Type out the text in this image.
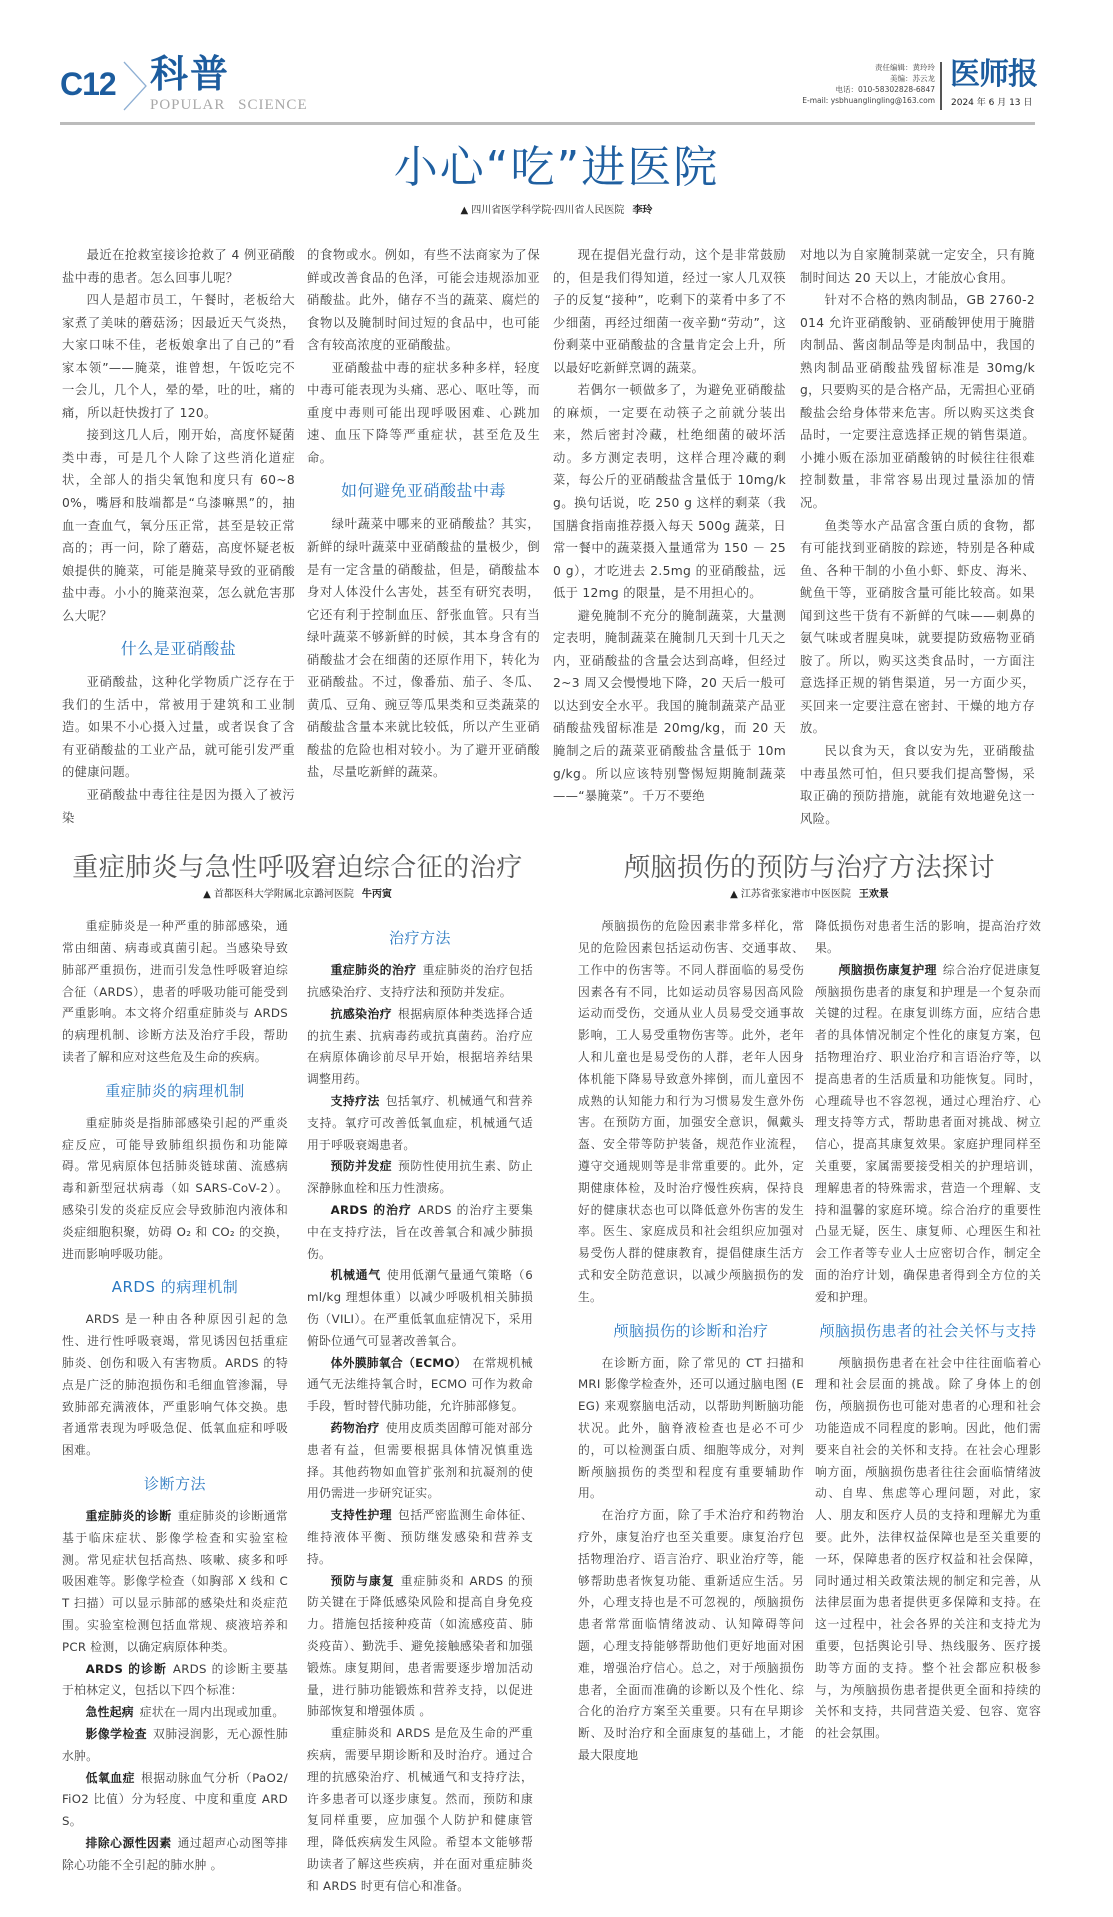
C12 科普
POPULAR SCIENCE
责任编辑：黄玲玲
美编：苏云龙
电话：010-58302828-6847
E-mail: ysbhuanglingling@163.com
医师报
2024 年 6 月 13 日
小心“吃”进医院
▲ 四川省医学科学院·四川省人民医院 李玲

最近在抢救室接诊抢救了 4 例亚硝酸盐中毒的患者。怎么回事儿呢？

四人是超市员工，午餐时，老板给大家煮了美味的蘑菇汤；因最近天气炎热，大家口味不佳，老板娘拿出了自己的”看家本领”——腌菜，谁曾想，午饭吃完不一会儿，几个人，晕的晕，吐的吐，痛的痛，所以赶快拨打了 120。

接到这几人后，刚开始，高度怀疑菌类中毒，可是几个人除了这些消化道症状，全部人的指尖氧饱和度只有 60~80%，嘴唇和肢端都是“乌漆嘛黑”的，抽血一查血气，氧分压正常，甚至是较正常高的；再一问，除了蘑菇，高度怀疑老板娘提供的腌菜，可能是腌菜导致的亚硝酸盐中毒。小小的腌菜泡菜，怎么就危害那么大呢？

什么是亚硝酸盐

亚硝酸盐，这种化学物质广泛存在于我们的生活中，常被用于建筑和工业制造。如果不小心摄入过量，或者误食了含有亚硝酸盐的工业产品，就可能引发严重的健康问题。

亚硝酸盐中毒往往是因为摄入了被污染

的食物或水。例如，有些不法商家为了保鲜或改善食品的色泽，可能会违规添加亚硝酸盐。此外，储存不当的蔬菜、腐烂的食物以及腌制时间过短的食品中，也可能含有较高浓度的亚硝酸盐。

亚硝酸盐中毒的症状多种多样，轻度中毒可能表现为头痛、恶心、呕吐等，而重度中毒则可能出现呼吸困难、心跳加速、血压下降等严重症状，甚至危及生命。

如何避免亚硝酸盐中毒

绿叶蔬菜中哪来的亚硝酸盐？其实，新鲜的绿叶蔬菜中亚硝酸盐的量极少，倒是有一定含量的硝酸盐，但是，硝酸盐本身对人体没什么害处，甚至有研究表明，它还有利于控制血压、舒张血管。只有当绿叶蔬菜不够新鲜的时候，其本身含有的硝酸盐才会在细菌的还原作用下，转化为亚硝酸盐。不过，像番茄、茄子、冬瓜、黄瓜、豆角、豌豆等瓜果类和豆类蔬菜的硝酸盐含量本来就比较低，所以产生亚硝酸盐的危险也相对较小。为了避开亚硝酸盐，尽量吃新鲜的蔬菜。

现在提倡光盘行动，这个是非常鼓励的，但是我们得知道，经过一家人几双筷子的反复“接种”，吃剩下的菜肴中多了不少细菌，再经过细菌一夜辛勤“劳动”，这份剩菜中亚硝酸盐的含量肯定会上升，所以最好吃新鲜烹调的蔬菜。

若偶尔一顿做多了，为避免亚硝酸盐的麻烦，一定要在动筷子之前就分装出来，然后密封冷藏，杜绝细菌的破坏活动。多方测定表明，这样合理冷藏的剩菜，每公斤的亚硝酸盐含量低于 10mg/kg。换句话说，吃 250 g 这样的剩菜（我国膳食指南推荐摄入每天 500g 蔬菜，日常一餐中的蔬菜摄入量通常为 150 － 250 g），才吃进去 2.5mg 的亚硝酸盐，远低于 12mg 的限量，是不用担心的。

避免腌制不充分的腌制蔬菜，大量测定表明，腌制蔬菜在腌制几天到十几天之内，亚硝酸盐的含量会达到高峰，但经过 2~3 周又会慢慢地下降，20 天后一般可以达到安全水平。我国的腌制蔬菜产品亚硝酸盐残留标准是 20mg/kg，而 20 天腌制之后的蔬菜亚硝酸盐含量低于 10mg/kg。所以应该特别警惕短期腌制蔬菜——“暴腌菜”。千万不要绝

对地以为自家腌制菜就一定安全，只有腌制时间达 20 天以上，才能放心食用。

针对不合格的熟肉制品，GB 2760-2014 允许亚硝酸钠、亚硝酸钾使用于腌腊肉制品、酱卤制品等是肉制品中，我国的熟肉制品亚硝酸盐残留标准是 30mg/kg，只要购买的是合格产品，无需担心亚硝酸盐会给身体带来危害。所以购买这类食品时，一定要注意选择正规的销售渠道。小摊小贩在添加亚硝酸钠的时候往往很难控制数量，非常容易出现过量添加的情况。

鱼类等水产品富含蛋白质的食物，都有可能找到亚硝胺的踪迹，特别是各种咸鱼、各种干制的小鱼小虾、虾皮、海米、鱿鱼干等，亚硝胺含量可能比较高。如果闻到这些干货有不新鲜的气味——刺鼻的氨气味或者腥臭味，就要提防致癌物亚硝胺了。所以，购买这类食品时，一方面注意选择正规的销售渠道，另一方面少买，买回来一定要注意在密封、干燥的地方存放。

民以食为天，食以安为先，亚硝酸盐中毒虽然可怕，但只要我们提高警惕，采取正确的预防措施，就能有效地避免这一风险。

重症肺炎与急性呼吸窘迫综合征的治疗
▲ 首都医科大学附属北京潞河医院 牛丙寅
颅脑损伤的预防与治疗方法探讨
▲ 江苏省张家港市中医医院 王欢景

重症肺炎是一种严重的肺部感染，通常由细菌、病毒或真菌引起。当感染导致肺部严重损伤，进而引发急性呼吸窘迫综合征（ARDS），患者的呼吸功能可能受到严重影响。本文将介绍重症肺炎与 ARDS 的病理机制、诊断方法及治疗手段，帮助读者了解和应对这些危及生命的疾病。

重症肺炎的病理机制

重症肺炎是指肺部感染引起的严重炎症反应，可能导致肺组织损伤和功能障碍。常见病原体包括肺炎链球菌、流感病毒和新型冠状病毒（如 SARS-CoV-2）。感染引发的炎症反应会导致肺泡内液体和炎症细胞积聚，妨碍 O₂ 和 CO₂ 的交换，进而影响呼吸功能。

ARDS 的病理机制

ARDS 是一种由各种原因引起的急性、进行性呼吸衰竭，常见诱因包括重症肺炎、创伤和吸入有害物质。ARDS 的特点是广泛的肺泡损伤和毛细血管渗漏，导致肺部充满液体，严重影响气体交换。患者通常表现为呼吸急促、低氧血症和呼吸困难。

诊断方法

重症肺炎的诊断 重症肺炎的诊断通常基于临床症状、影像学检查和实验室检测。常见症状包括高热、咳嗽、痰多和呼吸困难等。影像学检查（如胸部 X 线和 CT 扫描）可以显示肺部的感染灶和炎症范围。实验室检测包括血常规、痰液培养和 PCR 检测，以确定病原体种类。

ARDS 的诊断 ARDS 的诊断主要基于柏林定义，包括以下四个标准：

急性起病 症状在一周内出现或加重。

影像学检查 双肺浸润影，无心源性肺水肿。

低氧血症 根据动脉血气分析（PaO2/FiO2 比值）分为轻度、中度和重度 ARDS。

排除心源性因素 通过超声心动图等排除心功能不全引起的肺水肿 。

治疗方法

重症肺炎的治疗 重症肺炎的治疗包括抗感染治疗、支持疗法和预防并发症。

抗感染治疗 根据病原体种类选择合适的抗生素、抗病毒药或抗真菌药。治疗应在病原体确诊前尽早开始，根据培养结果调整用药。

支持疗法 包括氧疗、机械通气和营养支持。氧疗可改善低氧血症，机械通气适用于呼吸衰竭患者。

预防并发症 预防性使用抗生素、防止深静脉血栓和压力性溃疡。

ARDS 的治疗 ARDS 的治疗主要集中在支持疗法，旨在改善氧合和减少肺损伤。

机械通气 使用低潮气量通气策略（6 ml/kg 理想体重）以减少呼吸机相关肺损伤（VILI）。在严重低氧血症情况下，采用俯卧位通气可显著改善氧合。

体外膜肺氧合（ECMO） 在常规机械通气无法维持氧合时，ECMO 可作为救命手段，暂时替代肺功能，允许肺部修复。

药物治疗 使用皮质类固醇可能对部分患者有益，但需要根据具体情况慎重选择。其他药物如血管扩张剂和抗凝剂的使用仍需进一步研究证实。

支持性护理 包括严密监测生命体征、维持液体平衡、预防继发感染和营养支持。

预防与康复 重症肺炎和 ARDS 的预防关键在于降低感染风险和提高自身免疫力。措施包括接种疫苗（如流感疫苗、肺炎疫苗）、勤洗手、避免接触感染者和加强锻炼。康复期间，患者需要逐步增加活动量，进行肺功能锻炼和营养支持，以促进肺部恢复和增强体质 。

重症肺炎和 ARDS 是危及生命的严重疾病，需要早期诊断和及时治疗。通过合理的抗感染治疗、机械通气和支持疗法，许多患者可以逐步康复。然而，预防和康复同样重要，应加强个人防护和健康管理，降低疾病发生风险。希望本文能够帮助读者了解这些疾病，并在面对重症肺炎和 ARDS 时更有信心和准备。

颅脑损伤的危险因素非常多样化，常见的危险因素包括运动伤害、交通事故、工作中的伤害等。不同人群面临的易受伤因素各有不同，比如运动员容易因高风险运动而受伤，交通从业人员易受交通事故影响，工人易受重物伤害等。此外，老年人和儿童也是易受伤的人群，老年人因身体机能下降易导致意外摔倒，而儿童因不成熟的认知能力和行为习惯易发生意外伤害。在预防方面，加强安全意识，佩戴头盔、安全带等防护装备，规范作业流程，遵守交通规则等是非常重要的。此外，定期健康体检，及时治疗慢性疾病，保持良好的健康状态也可以降低意外伤害的发生率。医生、家庭成员和社会组织应加强对易受伤人群的健康教育，提倡健康生活方式和安全防范意识，以减少颅脑损伤的发生。

颅脑损伤的诊断和治疗

在诊断方面，除了常见的 CT 扫描和 MRI 影像学检查外，还可以通过脑电图 (EEG) 来观察脑电活动，以帮助判断脑功能状况。此外，脑脊液检查也是必不可少的，可以检测蛋白质、细胞等成分，对判断颅脑损伤的类型和程度有重要辅助作用。

在治疗方面，除了手术治疗和药物治疗外，康复治疗也至关重要。康复治疗包括物理治疗、语言治疗、职业治疗等，能够帮助患者恢复功能、重新适应生活。另外，心理支持也是不可忽视的，颅脑损伤患者常常面临情绪波动、认知障碍等问题，心理支持能够帮助他们更好地面对困难，增强治疗信心。总之，对于颅脑损伤患者，全面而准确的诊断以及个性化、综合化的治疗方案至关重要。只有在早期诊断、及时治疗和全面康复的基础上，才能最大限度地

降低损伤对患者生活的影响，提高治疗效果。

颅脑损伤康复护理 综合治疗促进康复颅脑损伤患者的康复和护理是一个复杂而关键的过程。在康复训练方面，应结合患者的具体情况制定个性化的康复方案，包括物理治疗、职业治疗和言语治疗等，以提高患者的生活质量和功能恢复。同时，心理疏导也不容忽视，通过心理治疗、心理支持等方式，帮助患者面对挑战、树立信心，提高其康复效果。家庭护理同样至关重要，家属需要接受相关的护理培训，理解患者的特殊需求，营造一个理解、支持和温馨的家庭环境。综合治疗的重要性凸显无疑，医生、康复师、心理医生和社会工作者等专业人士应密切合作，制定全面的治疗计划，确保患者得到全方位的关爱和护理。

颅脑损伤患者的社会关怀与支持

颅脑损伤患者在社会中往往面临着心理和社会层面的挑战。除了身体上的创伤，颅脑损伤也可能对患者的心理和社会功能造成不同程度的影响。因此，他们需要来自社会的关怀和支持。在社会心理影响方面，颅脑损伤患者往往会面临情绪波动、自卑、焦虑等心理问题，对此，家人、朋友和医疗人员的支持和理解尤为重要。此外，法律权益保障也是至关重要的一环，保障患者的医疗权益和社会保障，同时通过相关政策法规的制定和完善，从法律层面为患者提供更多保障和支持。在这一过程中，社会各界的关注和支持尤为重要，包括舆论引导、热线服务、医疗援助等方面的支持。整个社会都应积极参与，为颅脑损伤患者提供更全面和持续的关怀和支持，共同营造关爱、包容、宽容的社会氛围。
